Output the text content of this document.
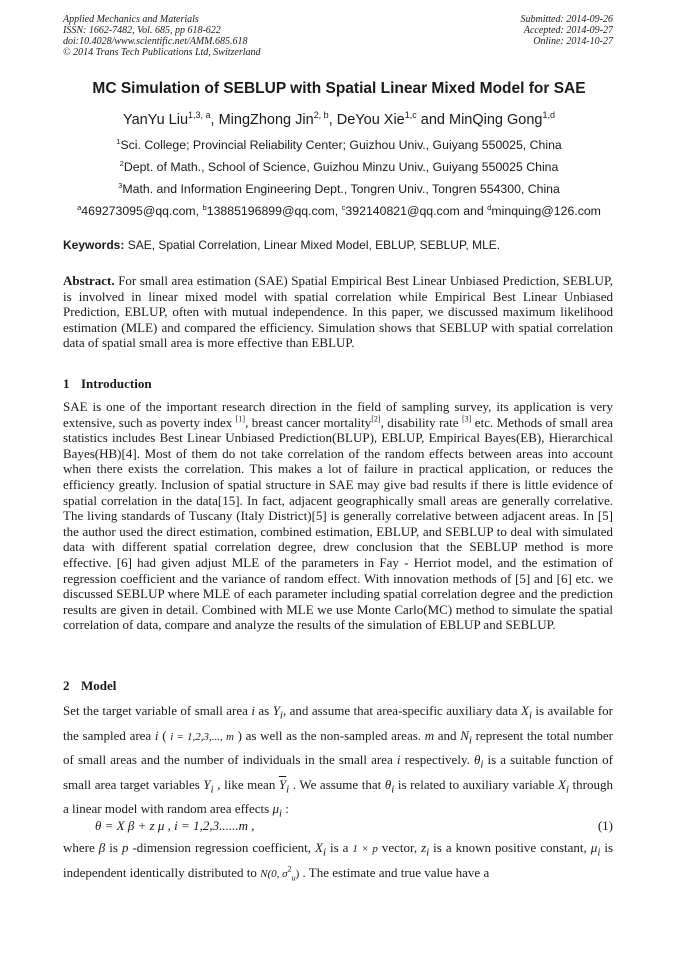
Applied Mechanics and Materials
ISSN: 1662-7482, Vol. 685, pp 618-622
doi:10.4028/www.scientific.net/AMM.685.618
© 2014 Trans Tech Publications Ltd, Switzerland
Submitted: 2014-09-26
Accepted: 2014-09-27
Online: 2014-10-27
MC Simulation of SEBLUP with Spatial Linear Mixed Model for SAE
YanYu Liu$^{1,3, a}$, MingZhong Jin$^{2, b}$, DeYou Xie$^{1,c}$ and MinQing Gong$^{1,d}$
$^1$Sci. College; Provincial Reliability Center; Guizhou Univ., Guiyang 550025, China
$^2$Dept. of Math., School of Science, Guizhou Minzu Univ., Guiyang 550025 China
$^3$Math. and Information Engineering Dept., Tongren Univ., Tongren 554300, China
$^a$469273095@qq.com, $^b$13885196899@qq.com, $^c$392140821@qq.com and $^d$minquing@126.com
Keywords: SAE, Spatial Correlation, Linear Mixed Model, EBLUP, SEBLUP, MLE.
Abstract. For small area estimation (SAE) Spatial Empirical Best Linear Unbiased Prediction, SEBLUP, is involved in linear mixed model with spatial correlation while Empirical Best Linear Unbiased Prediction, EBLUP, often with mutual independence. In this paper, we discussed maximum likelihood estimation (MLE) and compared the efficiency. Simulation shows that SEBLUP with spatial correlation data of spatial small area is more effective than EBLUP.
1 Introduction
SAE is one of the important research direction in the field of sampling survey, its application is very extensive, such as poverty index [1], breast cancer mortality[2], disability rate [3] etc. Methods of small area statistics includes Best Linear Unbiased Prediction(BLUP), EBLUP, Empirical Bayes(EB), Hierarchical Bayes(HB)[4]. Most of them do not take correlation of the random effects between areas into account when there exists the correlation. This makes a lot of failure in practical application, or reduces the efficiency greatly. Inclusion of spatial structure in SAE may give bad results if there is little evidence of spatial correlation in the data[15]. In fact, adjacent geographically small areas are generally correlative. The living standards of Tuscany (Italy District)[5] is generally correlative between adjacent areas. In [5] the author used the direct estimation, combined estimation, EBLUP, and SEBLUP to deal with simulated data with different spatial correlation degree, drew conclusion that the SEBLUP method is more effective. [6] had given adjust MLE of the parameters in Fay - Herriot model, and the estimation of regression coefficient and the variance of random effect. With innovation methods of [5] and [6] etc. we discussed SEBLUP where MLE of each parameter including spatial correlation degree and the prediction results are given in detail. Combined with MLE we use Monte Carlo(MC) method to simulate the spatial correlation of data, compare and analyze the results of the simulation of EBLUP and SEBLUP.
2 Model
Set the target variable of small area i as $Y_i$, and assume that area-specific auxiliary data $X_i$ is available for the sampled area i ( i = 1,2,3,..., m ) as well as the non-sampled areas. m and $N_i$ represent the total number of small areas and the number of individuals in the small area i respectively. $\theta_i$ is a suitable function of small area target variables $Y_i$ , like mean $\overline{Y}_i$ . We assume that $\theta_i$ is related to auxiliary variable $X_i$ through a linear model with random area effects $\mu_i$ :
θ = X β + z μ , i = 1,2,3......m ,	(1)
where β is p -dimension regression coefficient, $X_i$ is a 1 × p vector, $z_i$ is a known positive constant, $\mu_i$ is independent identically distributed to N(0, $\sigma^2_u$) . The estimate and true value have a
